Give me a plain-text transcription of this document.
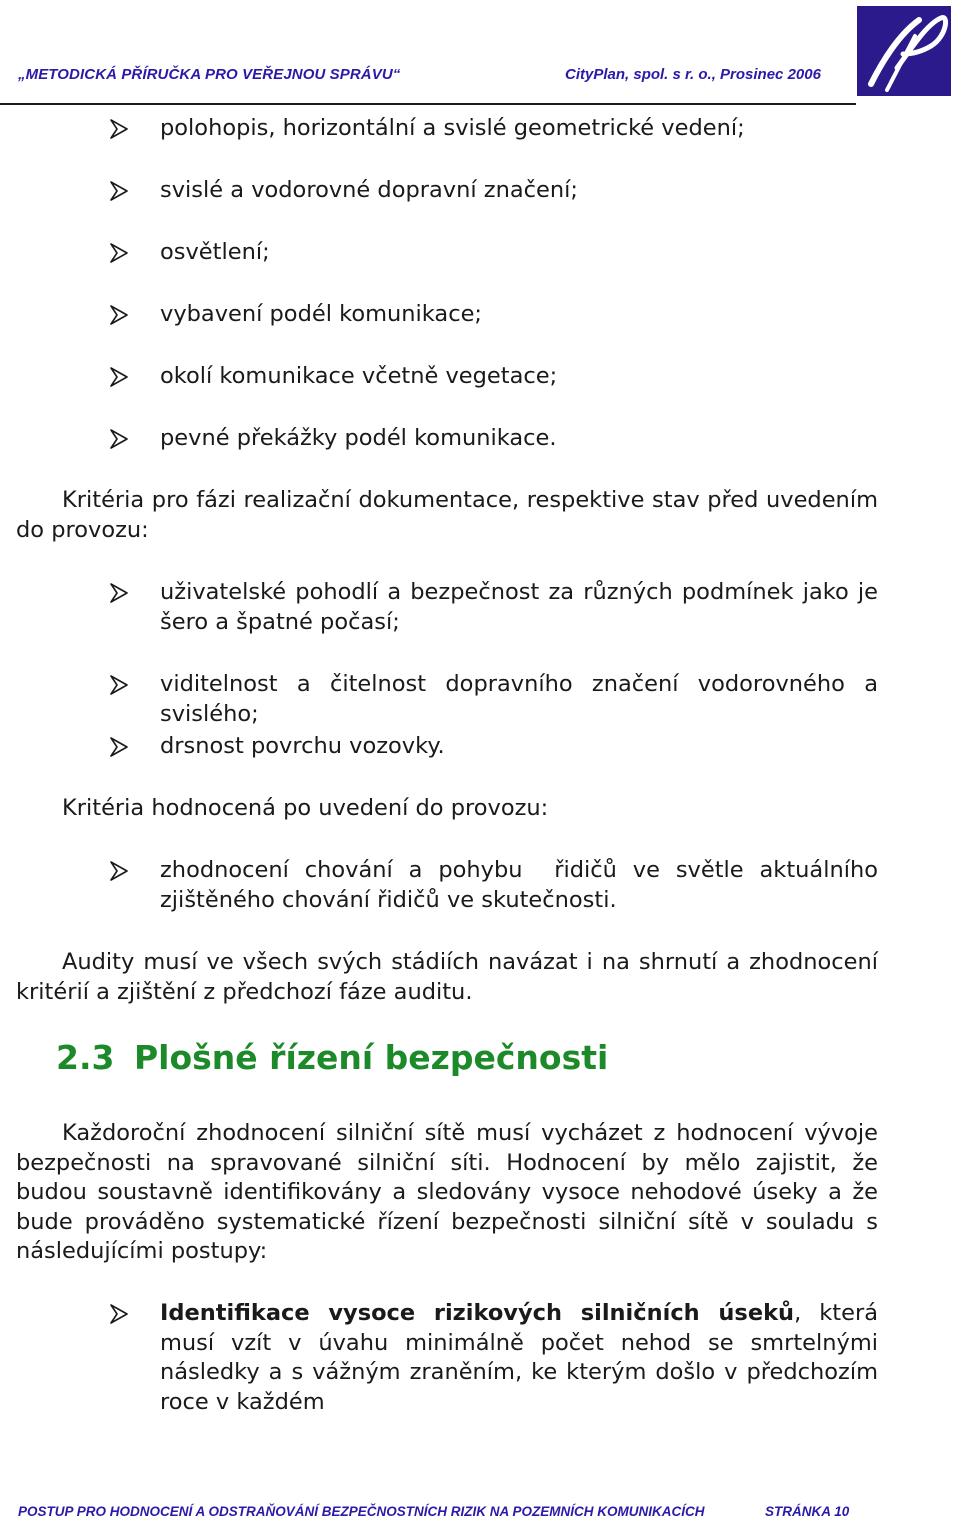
„METODICKÁ PŘÍRUČKA PRO VEŘEJNOU SPRÁVU“	CityPlan, spol. s r. o., Prosinec 2006
polohopis, horizontální a svislé geometrické vedení;
svislé a vodorovné dopravní značení;
osvětlení;
vybavení podél komunikace;
okolí komunikace včetně vegetace;
pevné překážky podél komunikace.
Kritéria pro fázi realizační dokumentace, respektive stav před uvedením do provozu:
uživatelské pohodlí a bezpečnost za různých podmínek jako je šero a špatné počasí;
viditelnost a čitelnost dopravního značení vodorovného a svislého;
drsnost povrchu vozovky.
Kritéria hodnocená po uvedení do provozu:
zhodnocení chování a pohybu  řidičů ve světle aktuálního zjištěného chování řidičů ve skutečnosti.
Audity musí ve všech svých stádiích navázat i na shrnutí a zhodnocení kritérií a zjištění z předchozí fáze auditu.
2.3 Plošné řízení bezpečnosti
Každoroční zhodnocení silniční sítě musí vycházet z hodnocení vývoje bezpečnosti na spravované silniční síti. Hodnocení by mělo zajistit, že budou soustavně identifikovány a sledovány vysoce nehodové úseky a že bude prováděno systematické řízení bezpečnosti silniční sítě v souladu s následujícími postupy:
Identifikace vysoce rizikových silničních úseků, která musí vzít v úvahu minimálně počet nehod se smrtelnými následky a s vážným zraněním, ke kterým došlo v předchozím roce v každém
POSTUP PRO HODNOCENÍ A ODSTRAŇOVÁNÍ BEZPEČNOSTNÍCH RIZIK NA POZEMNÍCH KOMUNIKACÍCH	STRÁNKA 10
